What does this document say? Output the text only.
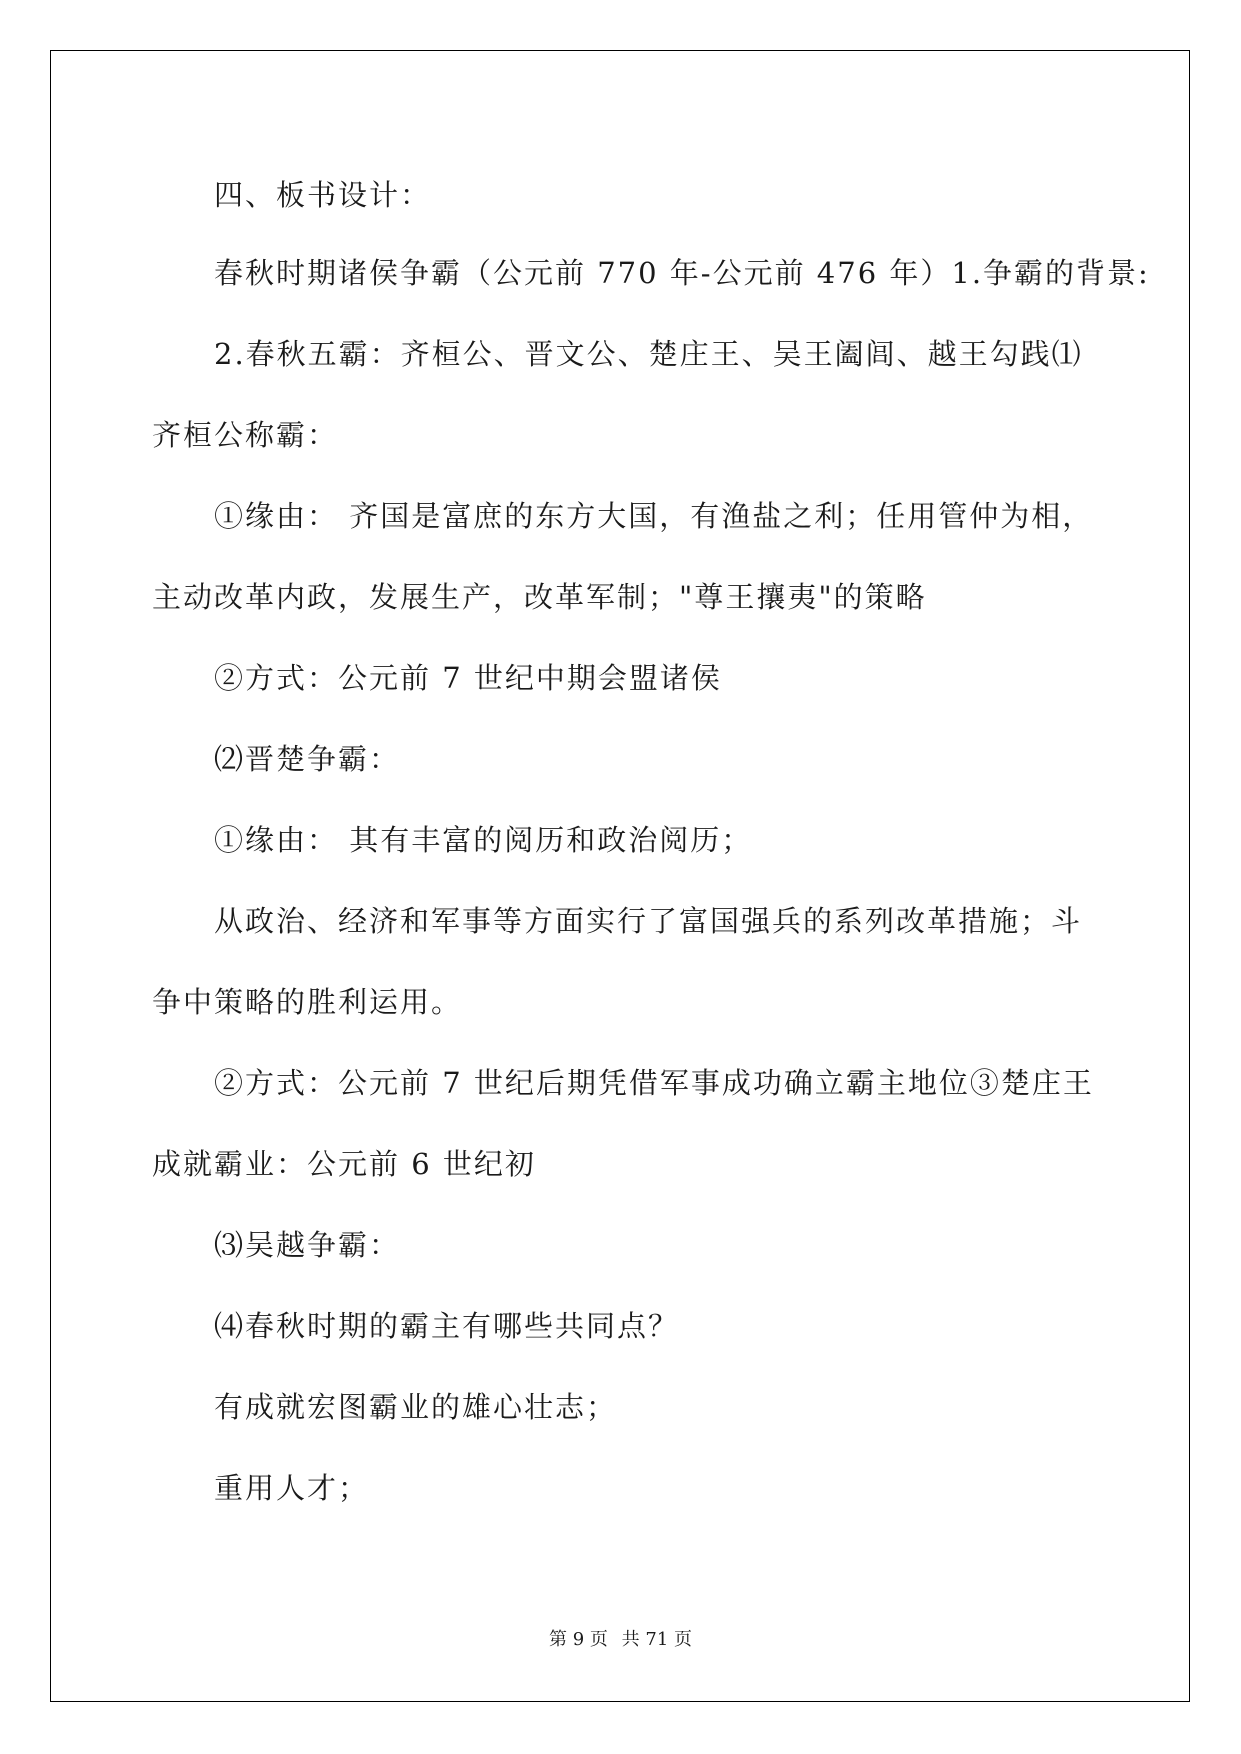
四、板书设计：
春秋时期诸侯争霸（公元前 770 年-公元前 476 年）1.争霸的背景:
2.春秋五霸：齐桓公、晋文公、楚庄王、吴王阖闾、越王勾践⑴
齐桓公称霸：
①缘由： 齐国是富庶的东方大国，有渔盐之利；任用管仲为相，
主动改革内政，发展生产，改革军制；"尊王攘夷"的策略
②方式：公元前 7 世纪中期会盟诸侯
⑵晋楚争霸：
①缘由： 其有丰富的阅历和政治阅历；
从政治、经济和军事等方面实行了富国强兵的系列改革措施；斗
争中策略的胜利运用。
②方式：公元前 7 世纪后期凭借军事成功确立霸主地位③楚庄王
成就霸业：公元前 6 世纪初
⑶吴越争霸：
⑷春秋时期的霸主有哪些共同点？
有成就宏图霸业的雄心壮志；
重用人才；
第 9 页 共 71 页
